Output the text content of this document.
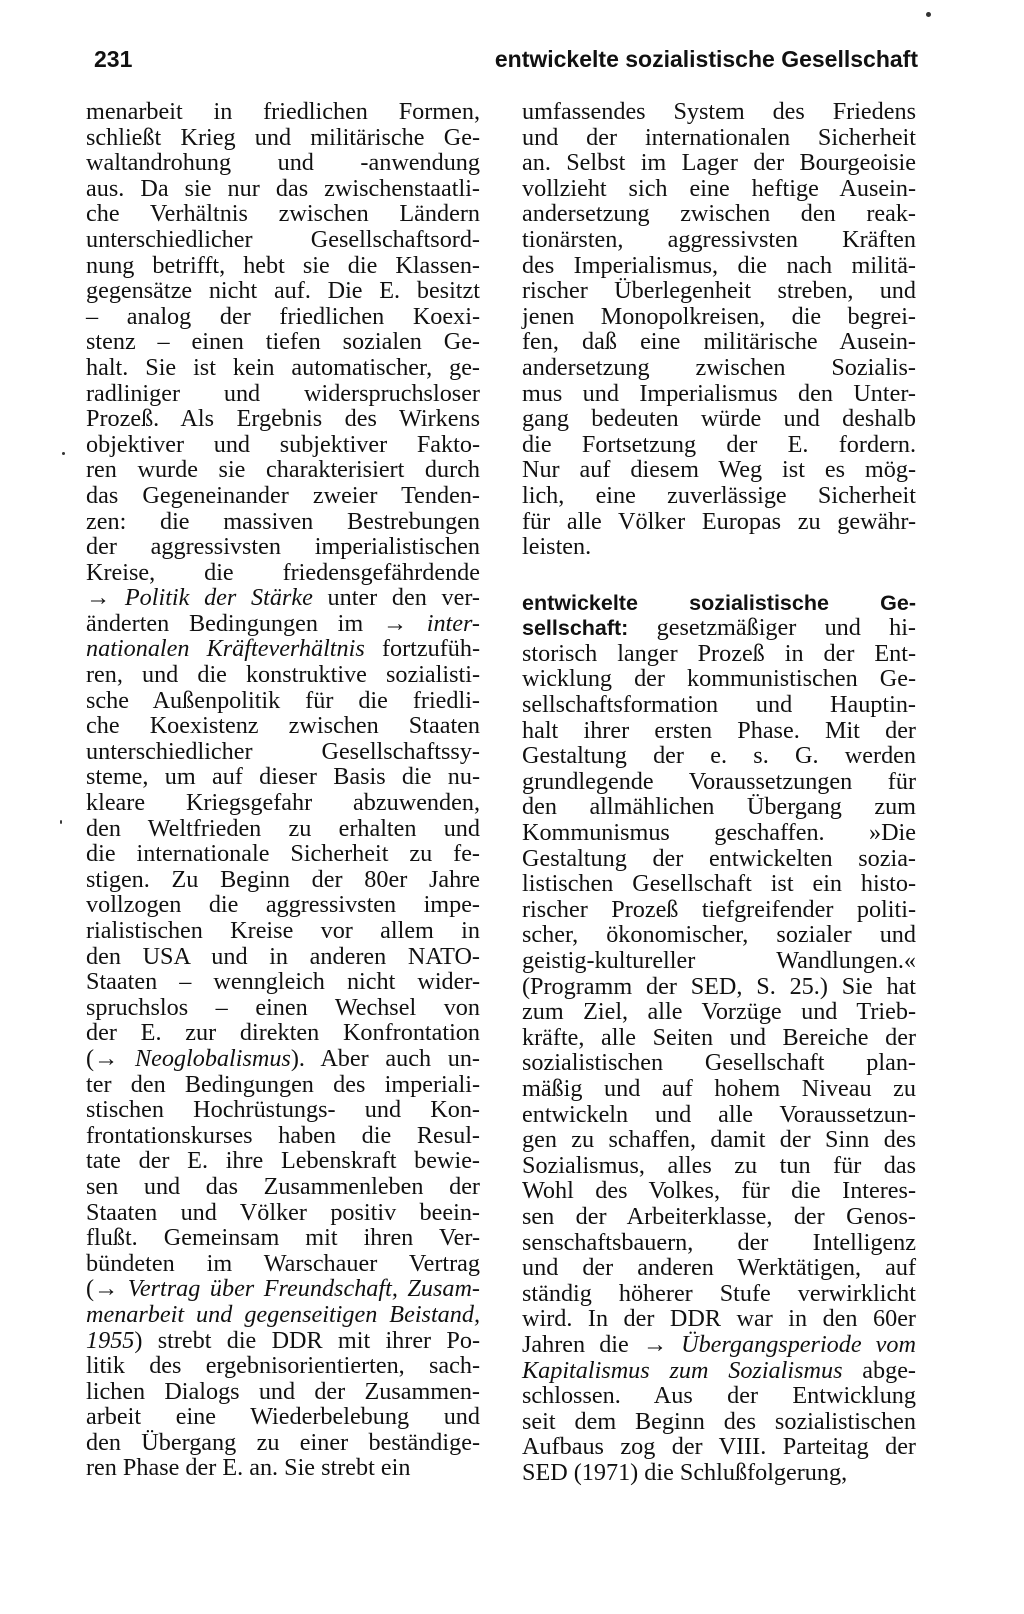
231	entwickelte sozialistische Gesellschaft
menarbeit in friedlichen Formen,
schließt Krieg und militärische Ge-
waltandrohung und -anwendung
aus. Da sie nur das zwischenstaatli-
che Verhältnis zwischen Ländern
unterschiedlicher Gesellschaftsord-
nung betrifft, hebt sie die Klassen-
gegensätze nicht auf. Die E. besitzt
– analog der friedlichen Koexi-
stenz – einen tiefen sozialen Ge-
halt. Sie ist kein automatischer, ge-
radliniger und widerspruchsloser
Prozeß. Als Ergebnis des Wirkens
objektiver und subjektiver Fakto-
ren wurde sie charakterisiert durch
das Gegeneinander zweier Tenden-
zen: die massiven Bestrebungen
der aggressivsten imperialistischen
Kreise, die friedensgefährdende
→ Politik der Stärke unter den ver-
änderten Bedingungen im → inter-
nationalen Kräfteverhältnis fortzufüh-
ren, und die konstruktive sozialisti-
sche Außenpolitik für die friedli-
che Koexistenz zwischen Staaten
unterschiedlicher Gesellschaftssy-
steme, um auf dieser Basis die nu-
kleare Kriegsgefahr abzuwenden,
den Weltfrieden zu erhalten und
die internationale Sicherheit zu fe-
stigen. Zu Beginn der 80er Jahre
vollzogen die aggressivsten impe-
rialistischen Kreise vor allem in
den USA und in anderen NATO-
Staaten – wenngleich nicht wider-
spruchslos – einen Wechsel von
der E. zur direkten Konfrontation
(→ Neoglobalismus). Aber auch un-
ter den Bedingungen des imperiali-
stischen Hochrüstungs- und Kon-
frontationskurses haben die Resul-
tate der E. ihre Lebenskraft bewie-
sen und das Zusammenleben der
Staaten und Völker positiv beein-
flußt. Gemeinsam mit ihren Ver-
bündeten im Warschauer Vertrag
(→ Vertrag über Freundschaft, Zusam-
menarbeit und gegenseitigen Beistand,
1955) strebt die DDR mit ihrer Po-
litik des ergebnisorientierten, sach-
lichen Dialogs und der Zusammen-
arbeit eine Wiederbelebung und
den Übergang zu einer beständige-
ren Phase der E. an. Sie strebt ein
umfassendes System des Friedens
und der internationalen Sicherheit
an. Selbst im Lager der Bourgeoisie
vollzieht sich eine heftige Ausein-
andersetzung zwischen den reak-
tionärsten, aggressivsten Kräften
des Imperialismus, die nach militä-
rischer Überlegenheit streben, und
jenen Monopolkreisen, die begrei-
fen, daß eine militärische Ausein-
andersetzung zwischen Sozialis-
mus und Imperialismus den Unter-
gang bedeuten würde und deshalb
die Fortsetzung der E. fordern.
Nur auf diesem Weg ist es mög-
lich, eine zuverlässige Sicherheit
für alle Völker Europas zu gewähr-
leisten.
entwickelte sozialistische Ge-
sellschaft: gesetzmäßiger und hi-
storisch langer Prozeß in der Ent-
wicklung der kommunistischen Ge-
sellschaftsformation und Hauptin-
halt ihrer ersten Phase. Mit der
Gestaltung der e. s. G. werden
grundlegende Voraussetzungen für
den allmählichen Übergang zum
Kommunismus geschaffen. »Die
Gestaltung der entwickelten sozia-
listischen Gesellschaft ist ein histo-
rischer Prozeß tiefgreifender politi-
scher, ökonomischer, sozialer und
geistig-kultureller Wandlungen.«
(Programm der SED, S. 25.) Sie hat
zum Ziel, alle Vorzüge und Trieb-
kräfte, alle Seiten und Bereiche der
sozialistischen Gesellschaft plan-
mäßig und auf hohem Niveau zu
entwickeln und alle Voraussetzun-
gen zu schaffen, damit der Sinn des
Sozialismus, alles zu tun für das
Wohl des Volkes, für die Interes-
sen der Arbeiterklasse, der Genos-
senschaftsbauern, der Intelligenz
und der anderen Werktätigen, auf
ständig höherer Stufe verwirklicht
wird. In der DDR war in den 60er
Jahren die → Übergangsperiode vom
Kapitalismus zum Sozialismus abge-
schlossen. Aus der Entwicklung
seit dem Beginn des sozialistischen
Aufbaus zog der VIII. Parteitag der
SED (1971) die Schlußfolgerung,
